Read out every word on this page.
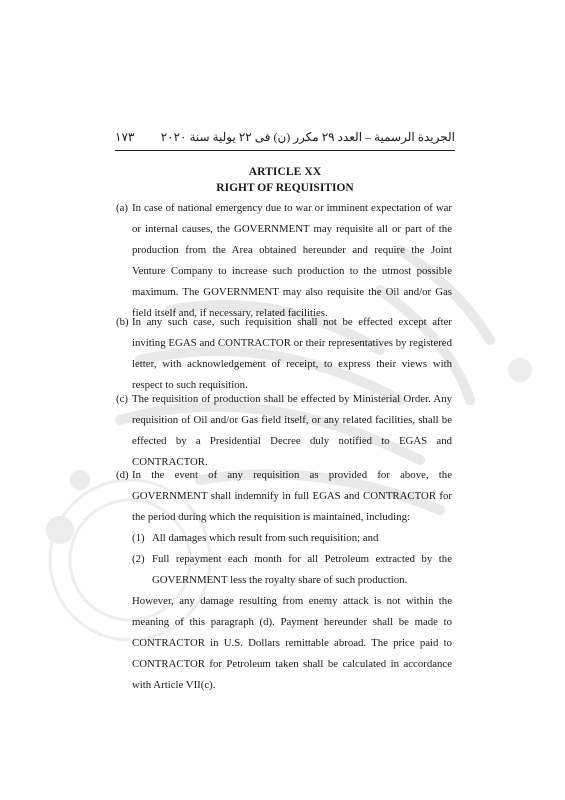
الجريدة الرسمية – العدد ٢٩ مكرر (ن) فى ٢٢ يولية سنة ٢٠٢٠
١٧٣
ARTICLE XX
RIGHT OF REQUISITION
(a) In case of national emergency due to war or imminent expectation of war or internal causes, the GOVERNMENT may requisite all or part of the production from the Area obtained hereunder and require the Joint Venture Company to increase such production to the utmost possible maximum. The GOVERNMENT may also requisite the Oil and/or Gas field itself and, if necessary, related facilities.
(b) In any such case, such requisition shall not be effected except after inviting EGAS and CONTRACTOR or their representatives by registered letter, with acknowledgement of receipt, to express their views with respect to such requisition.
(c) The requisition of production shall be effected by Ministerial Order. Any requisition of Oil and/or Gas field itself, or any related facilities, shall be effected by a Presidential Decree duly notified to EGAS and CONTRACTOR.
(d) In the event of any requisition as provided for above, the GOVERNMENT shall indemnify in full EGAS and CONTRACTOR for the period during which the requisition is maintained, including:
(1) All damages which result from such requisition; and
(2) Full repayment each month for all Petroleum extracted by the GOVERNMENT less the royalty share of such production.
However, any damage resulting from enemy attack is not within the meaning of this paragraph (d). Payment hereunder shall be made to CONTRACTOR in U.S. Dollars remittable abroad. The price paid to CONTRACTOR for Petroleum taken shall be calculated in accordance with Article VII(c).
